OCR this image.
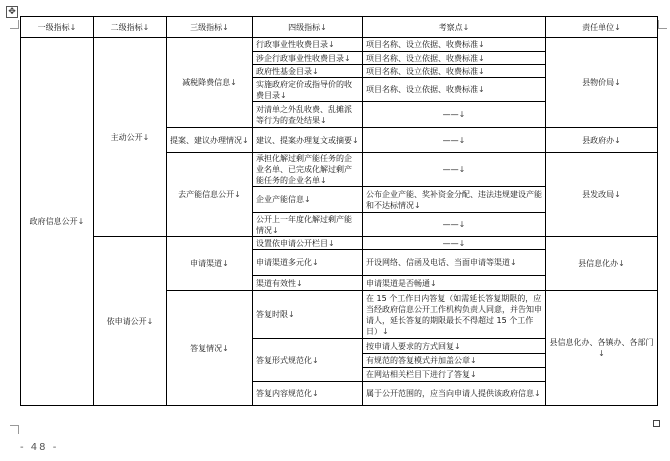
✥
一级指标↓	二级指标↓	三级指标↓	四级指标↓	考察点↓	责任单位↓
政府信息公开↓	主动公开↓	减税降费信息↓	行政事业性收费目录↓	项目名称、设立依据、收费标准↓	县物价局↓
			涉企行政事业性收费目录↓	项目名称、设立依据、收费标准↓	
			政府性基金目录↓	项目名称、设立依据、收费标准↓	
			实施政府定价或指导价的收费目录↓	项目名称、设立依据、收费标准↓	
			对清单之外乱收费、乱摊派等行为的查处结果↓	——↓	
		提案、建议办理情况↓	建议、提案办理复文或摘要↓	——↓	县政府办↓
		去产能信息公开↓	承担化解过剩产能任务的企业名单、已完成化解过剩产能任务的企业名单↓	——↓	县发改局↓
			企业产能信息↓	公布企业产能、奖补资金分配、违法违规建设产能和不达标情况↓	
			公开上一年度化解过剩产能情况↓	——↓	
	依申请公开↓	申请渠道↓	设置依申请公开栏目↓	——↓	县信息化办↓
			申请渠道多元化↓	开设网络、信函及电话、当面申请等渠道↓	
			渠道有效性↓	申请渠道是否畅通↓	
		答复情况↓	答复时限↓	在 15 个工作日内答复（如需延长答复期限的，应当经政府信息公开工作机构负责人同意，并告知申请人，延长答复的期限最长不得超过 15 个工作日）↓	县信息化办、各镇办、各部门↓
			答复形式规范化↓	按申请人要求的方式回复↓	
				有规范的答复模式并加盖公章↓	
				在网站相关栏目下进行了答复↓	
			答复内容规范化↓	属于公开范围的，应当向申请人提供该政府信息↓	
- 48 -
